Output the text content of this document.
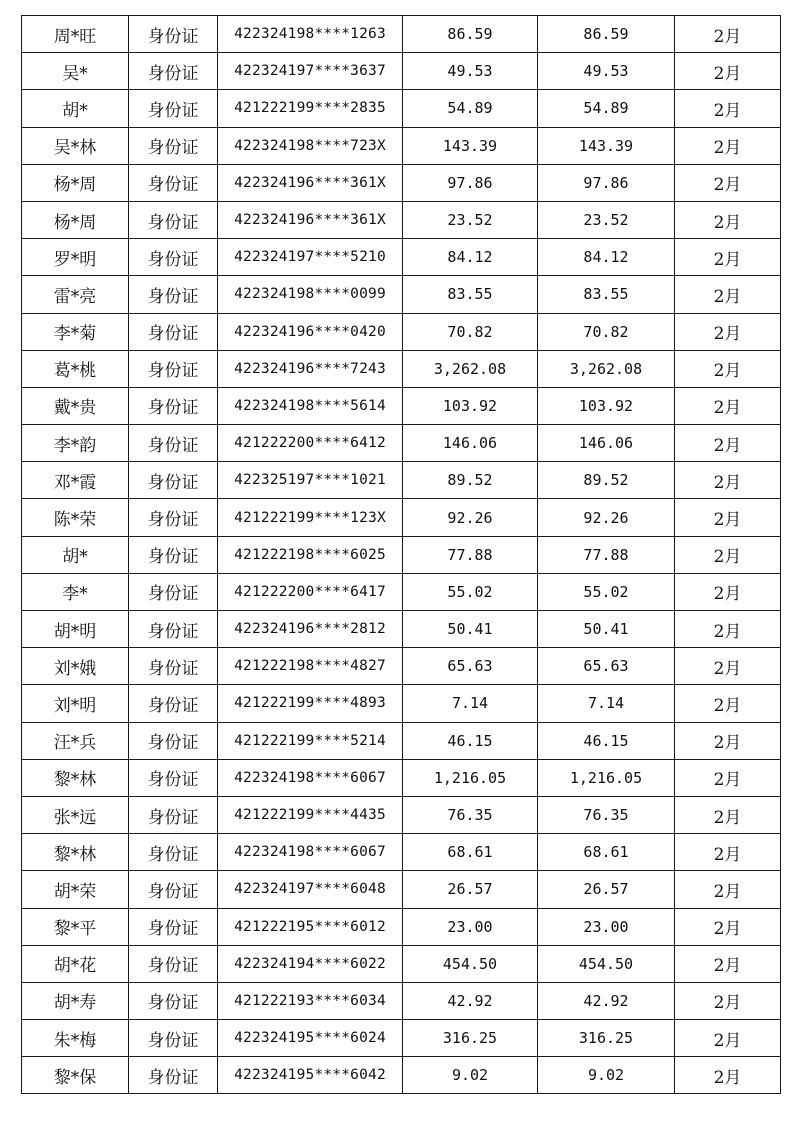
周*旺	身份证	422324198****1263	86.59	86.59	2月
吴*	身份证	422324197****3637	49.53	49.53	2月
胡*	身份证	421222199****2835	54.89	54.89	2月
吴*林	身份证	422324198****723X	143.39	143.39	2月
杨*周	身份证	422324196****361X	97.86	97.86	2月
杨*周	身份证	422324196****361X	23.52	23.52	2月
罗*明	身份证	422324197****5210	84.12	84.12	2月
雷*亮	身份证	422324198****0099	83.55	83.55	2月
李*菊	身份证	422324196****0420	70.82	70.82	2月
葛*桃	身份证	422324196****7243	3,262.08	3,262.08	2月
戴*贵	身份证	422324198****5614	103.92	103.92	2月
李*韵	身份证	421222200****6412	146.06	146.06	2月
邓*霞	身份证	422325197****1021	89.52	89.52	2月
陈*荣	身份证	421222199****123X	92.26	92.26	2月
胡*	身份证	421222198****6025	77.88	77.88	2月
李*	身份证	421222200****6417	55.02	55.02	2月
胡*明	身份证	422324196****2812	50.41	50.41	2月
刘*娥	身份证	421222198****4827	65.63	65.63	2月
刘*明	身份证	421222199****4893	7.14	7.14	2月
汪*兵	身份证	421222199****5214	46.15	46.15	2月
黎*林	身份证	422324198****6067	1,216.05	1,216.05	2月
张*远	身份证	421222199****4435	76.35	76.35	2月
黎*林	身份证	422324198****6067	68.61	68.61	2月
胡*荣	身份证	422324197****6048	26.57	26.57	2月
黎*平	身份证	421222195****6012	23.00	23.00	2月
胡*花	身份证	422324194****6022	454.50	454.50	2月
胡*寿	身份证	421222193****6034	42.92	42.92	2月
朱*梅	身份证	422324195****6024	316.25	316.25	2月
黎*保	身份证	422324195****6042	9.02	9.02	2月
